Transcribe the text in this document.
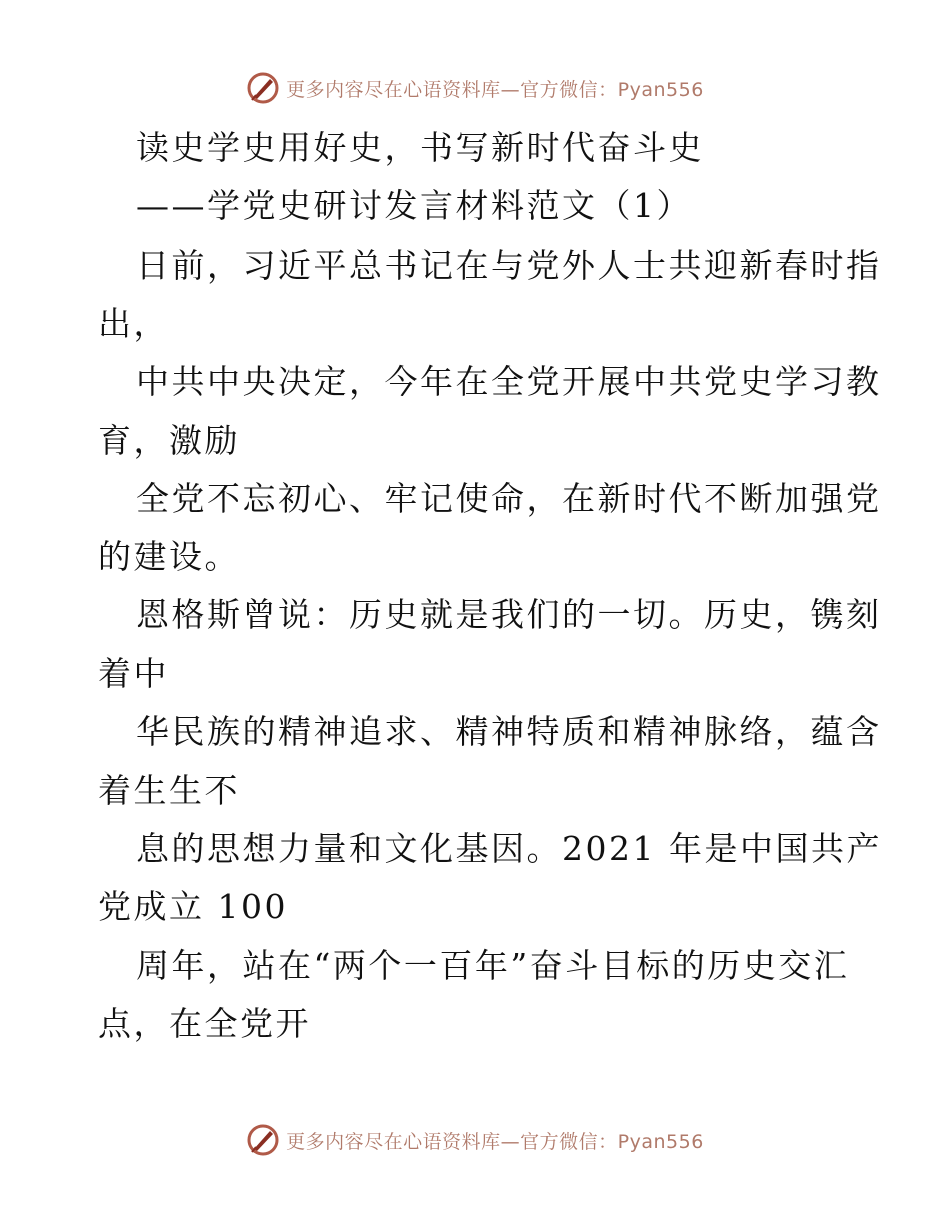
更多内容尽在心语资料库—官方微信：Pyan556
读史学史用好史，书写新时代奋斗史
——学党史研讨发言材料范文（1）
日前，习近平总书记在与党外人士共迎新春时指
出，
中共中央决定，今年在全党开展中共党史学习教
育，激励
全党不忘初心、牢记使命，在新时代不断加强党
的建设。
恩格斯曾说：历史就是我们的一切。历史，镌刻
着中
华民族的精神追求、精神特质和精神脉络，蕴含
着生生不
息的思想力量和文化基因。2021 年是中国共产
党成立 100
周年，站在“两个一百年”奋斗目标的历史交汇
点，在全党开
更多内容尽在心语资料库—官方微信：Pyan556
